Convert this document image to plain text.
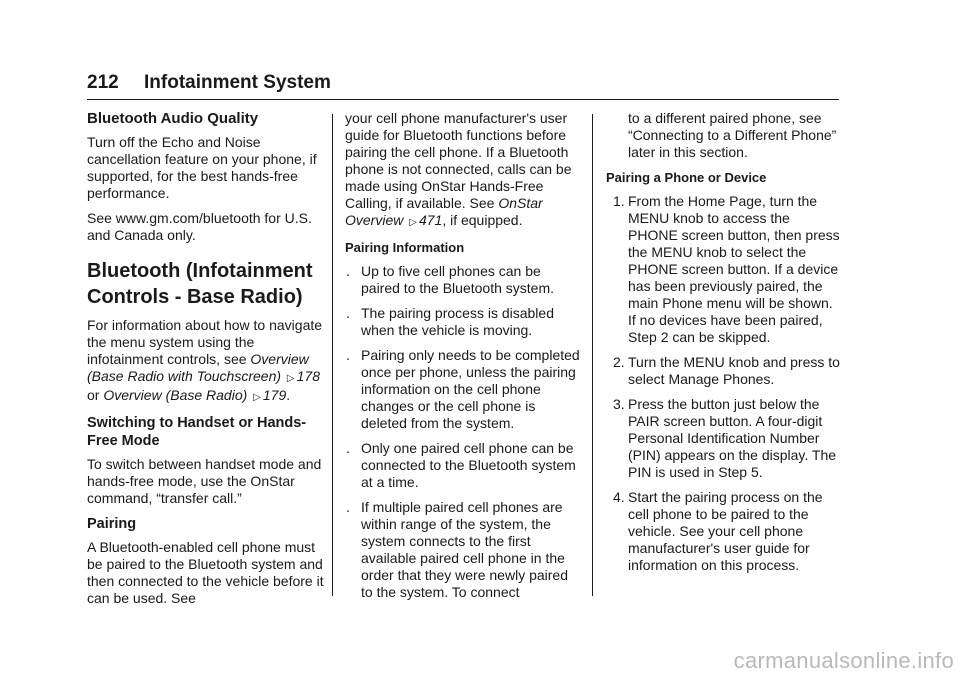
212 Infotainment System
Bluetooth Audio Quality

Turn off the Echo and Noise cancellation feature on your phone, if supported, for the best hands-free performance.

See www.gm.com/bluetooth for U.S. and Canada only.

Bluetooth (Infotainment
Controls - Base Radio)

For information about how to navigate the menu system using the infotainment controls, see Overview (Base Radio with Touchscreen) ▷ 178 or Overview (Base Radio) ▷ 179.

Switching to Handset or Hands-Free Mode

To switch between handset mode and hands-free mode, use the OnStar command, “transfer call.”

Pairing

A Bluetooth-enabled cell phone must be paired to the Bluetooth system and then connected to the vehicle before it can be used. See

your cell phone manufacturer's user guide for Bluetooth functions before pairing the cell phone. If a Bluetooth phone is not connected, calls can be made using OnStar Hands-Free Calling, if available. See OnStar Overview ▷ 471, if equipped.

Pairing Information
. Up to five cell phones can be paired to the Bluetooth system.
. The pairing process is disabled when the vehicle is moving.
. Pairing only needs to be completed once per phone, unless the pairing information on the cell phone changes or the cell phone is deleted from the system.
. Only one paired cell phone can be connected to the Bluetooth system at a time.
. If multiple paired cell phones are within range of the system, the system connects to the first available paired cell phone in the order that they were newly paired to the system. To connect

to a different paired phone, see “Connecting to a Different Phone” later in this section.

Pairing a Phone or Device
1. From the Home Page, turn the MENU knob to access the PHONE screen button, then press the MENU knob to select the PHONE screen button. If a device has been previously paired, the main Phone menu will be shown. If no devices have been paired, Step 2 can be skipped.
2. Turn the MENU knob and press to select Manage Phones.
3. Press the button just below the PAIR screen button. A four-digit Personal Identification Number (PIN) appears on the display. The PIN is used in Step 5.
4. Start the pairing process on the cell phone to be paired to the vehicle. See your cell phone manufacturer's user guide for information on this process.
carmanualsonline.info
